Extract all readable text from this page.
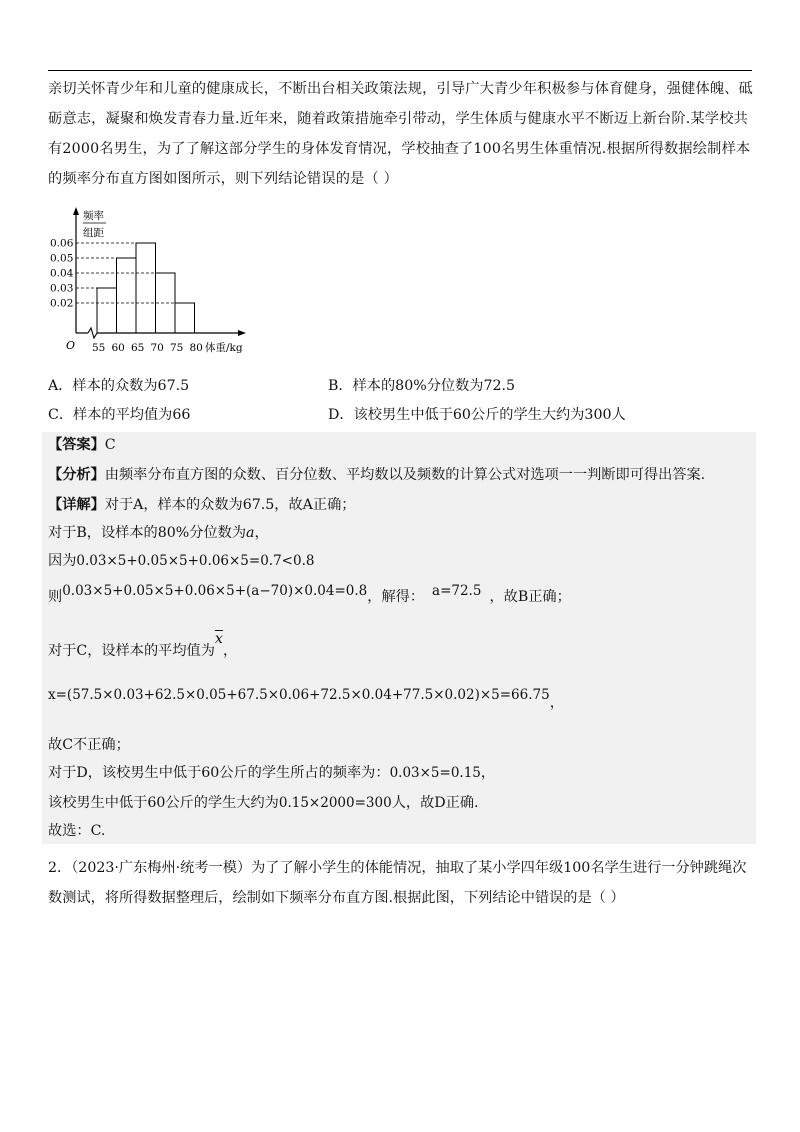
亲切关怀青少年和儿童的健康成长，不断出台相关政策法规，引导广大青少年积极参与体育健身，强健体魄、砥砺意志，凝聚和焕发青春力量.近年来，随着政策措施牵引带动，学生体质与健康水平不断迈上新台阶.某学校共有2000名男生，为了了解这部分学生的身体发育情况，学校抽查了100名男生体重情况.根据所得数据绘制样本的频率分布直方图如图所示，则下列结论错误的是（ ）

频率
组距
O	体重/kg
0.06
0.05
0.04
0.03
0.02
55 60 65 70 75 80
A．样本的众数为67.5	B．样本的80%分位数为72.5
C．样本的平均值为66	D．该校男生中低于60公斤的学生大约为300人
【答案】C
【分析】由频率分布直方图的众数、百分位数、平均数以及频数的计算公式对选项一一判断即可得出答案.
【详解】对于A，样本的众数为67.5，故A正确；
对于B，设样本的80%分位数为a，
因为0.03×5+0.05×5+0.06×5=0.7<0.8
则0.03×5+0.05×5+0.06×5+(a−70)×0.04=0.8，解得： a=72.5 ，故B正确；
对于C，设样本的平均值为$\overline{x}$，
x=(57.5×0.03+62.5×0.05+67.5×0.06+72.5×0.04+77.5×0.02)×5=66.75，
故C不正确；
对于D，该校男生中低于60公斤的学生所占的频率为：0.03×5=0.15，
该校男生中低于60公斤的学生大约为0.15×2000=300人，故D正确.
故选：C.

2．（2023·广东梅州·统考一模）为了了解小学生的体能情况，抽取了某小学四年级100名学生进行一分钟跳绳次数测试，将所得数据整理后，绘制如下频率分布直方图.根据此图，下列结论中错误的是（ ）
